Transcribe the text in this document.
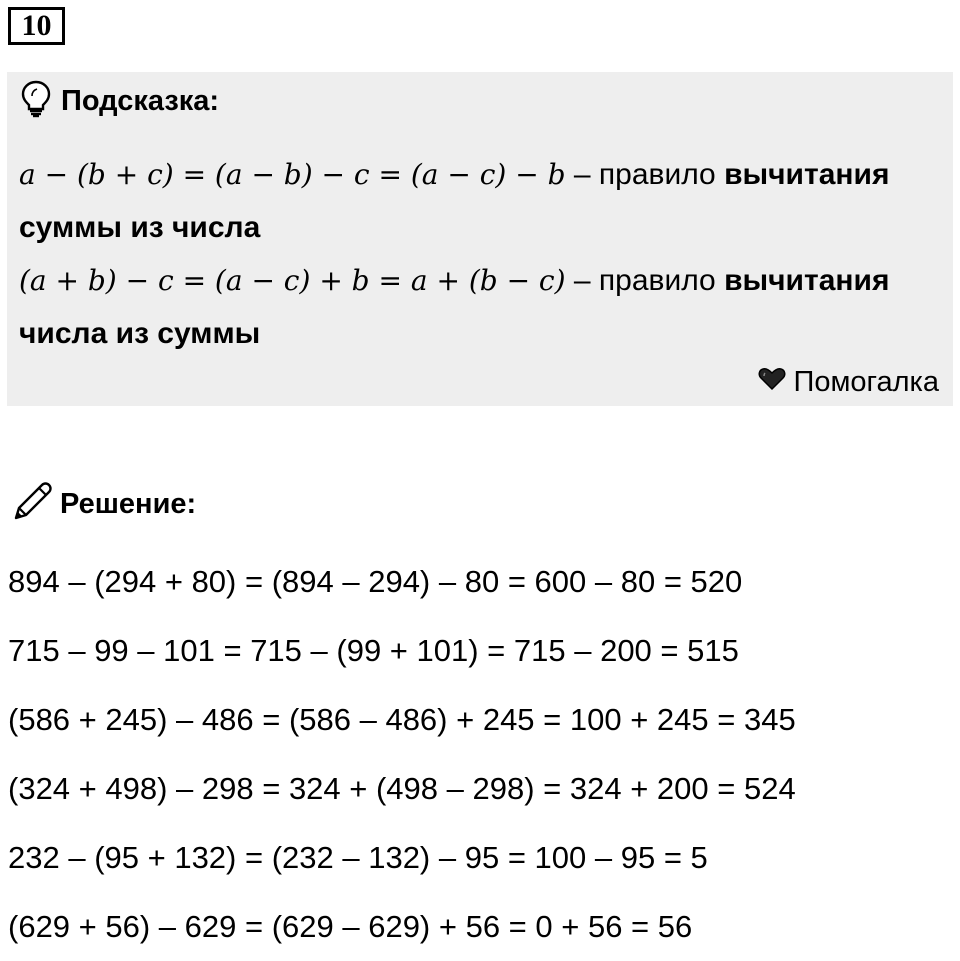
10
Подсказка:
a − (b + c) = (a − b) − c = (a − c) − b – правило вычитания
суммы из числа
(a + b) − c = (a − c) + b = a + (b − c) – правило вычитания
числа из суммы
Помогалка
Решение:
894 – (294 + 80) = (894 – 294) – 80 = 600 – 80 = 520
715 – 99 – 101 = 715 – (99 + 101) = 715 – 200 = 515
(586 + 245) – 486 = (586 – 486) + 245 = 100 + 245 = 345
(324 + 498) – 298 = 324 + (498 – 298) = 324 + 200 = 524
232 – (95 + 132) = (232 – 132) – 95 = 100 – 95 = 5
(629 + 56) – 629 = (629 – 629) + 56 = 0 + 56 = 56
